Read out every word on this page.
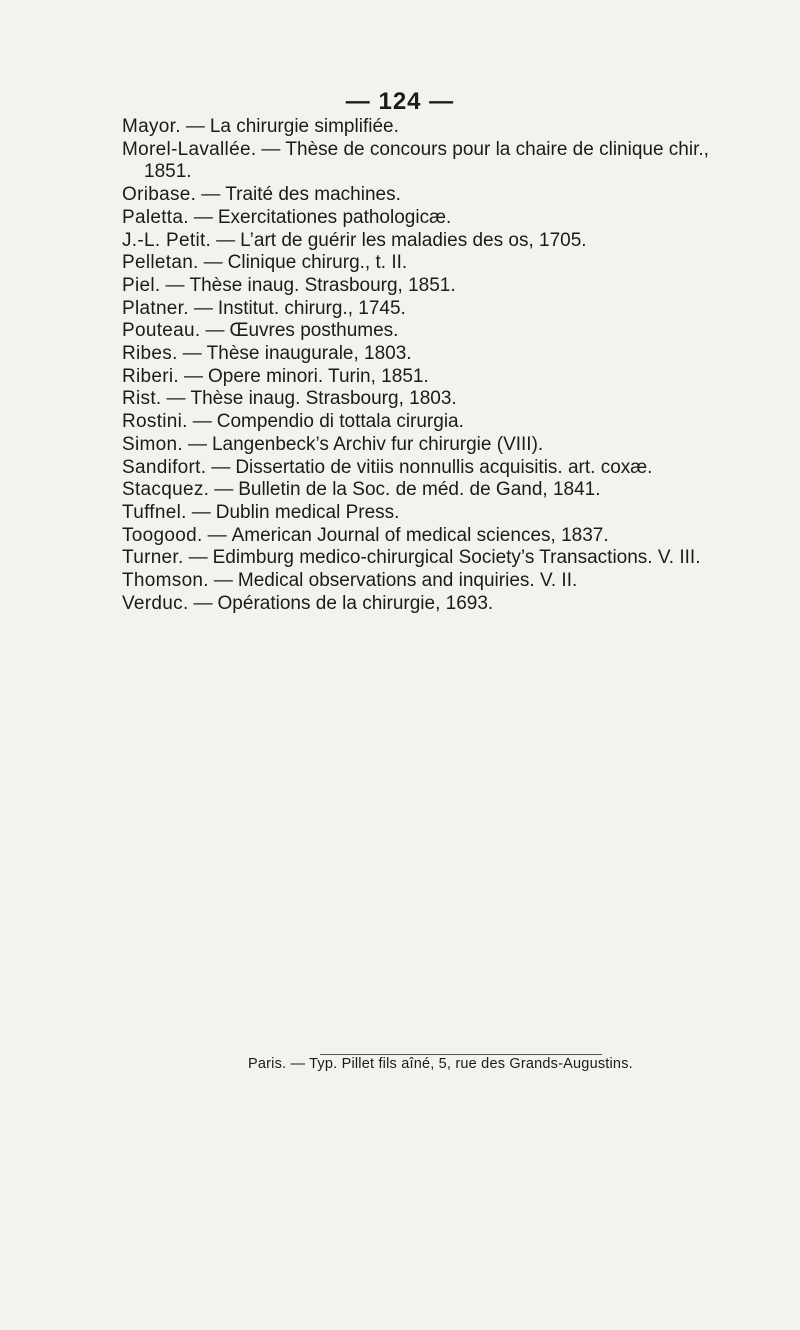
— 124 —

Mayor. — La chirurgie simplifiée.

Morel-Lavallée. — Thèse de concours pour la chaire de clinique chir., 1851.

Oribase. — Traité des machines.

Paletta. — Exercitationes pathologicæ.

J.-L. Petit. — L’art de guérir les maladies des os, 1705.

Pelletan. — Clinique chirurg., t. II.

Piel. — Thèse inaug. Strasbourg, 1851.

Platner. — Institut. chirurg., 1745.

Pouteau. — Œuvres posthumes.

Ribes. — Thèse inaugurale, 1803.

Riberi. — Opere minori. Turin, 1851.

Rist. — Thèse inaug. Strasbourg, 1803.

Rostini. — Compendio di tottala cirurgia.

Simon. — Langenbeck’s Archiv fur chirurgie (VIII).

Sandifort. — Dissertatio de vitiis nonnullis acquisitis. art. coxæ.

Stacquez. — Bulletin de la Soc. de méd. de Gand, 1841.

Tuffnel. — Dublin medical Press.

Toogood. — American Journal of medical sciences, 1837.

Turner. — Edimburg medico-chirurgical Society’s Transactions. V. III.

Thomson. — Medical observations and inquiries. V. II.

Verduc. — Opérations de la chirurgie, 1693.

Paris. — Typ. Pillet fils aîné, 5, rue des Grands-Augustins.
